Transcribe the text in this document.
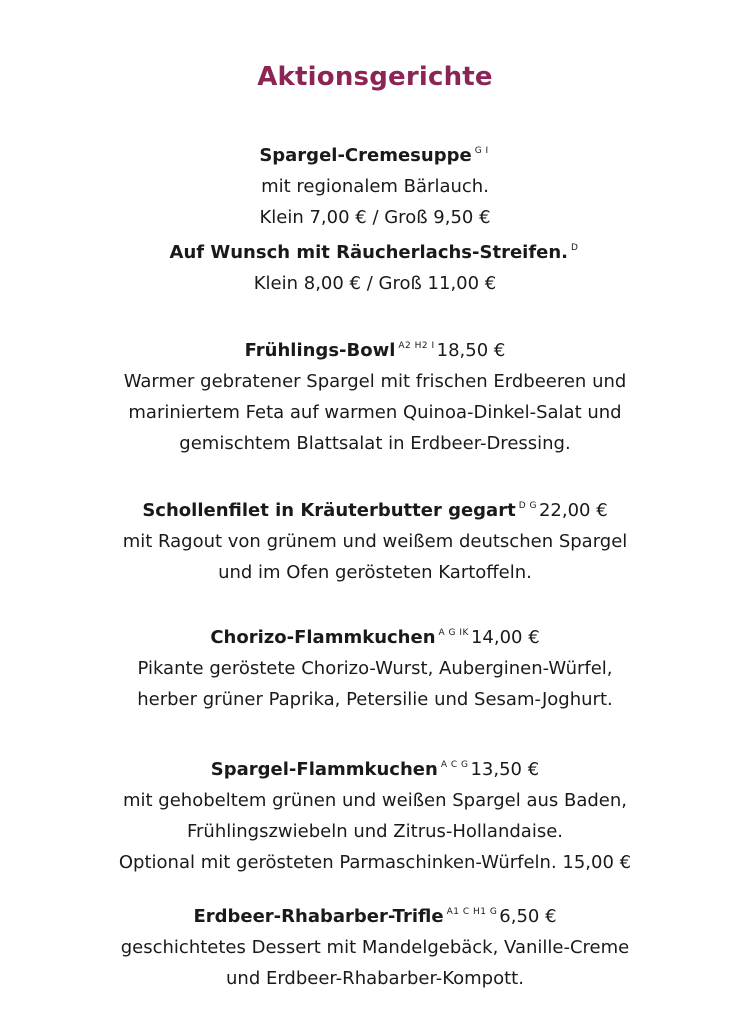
Aktionsgerichte
Spargel-Cremesuppe $^{G I}$
mit regionalem Bärlauch.
Klein 7,00 € / Groß 9,50 €
Auf Wunsch mit Räucherlachs-Streifen. $^D$
Klein 8,00 € / Groß 11,00 €
Frühlings-Bowl $^{A2 H2 I}$ 18,50 €
Warmer gebratener Spargel mit frischen Erdbeeren und
mariniertem Feta auf warmen Quinoa-Dinkel-Salat und
gemischtem Blattsalat in Erdbeer-Dressing.
Schollenfilet in Kräuterbutter gegart $^{D G}$ 22,00 €
mit Ragout von grünem und weißem deutschen Spargel
und im Ofen gerösteten Kartoffeln.
Chorizo-Flammkuchen $^{A G IK}$ 14,00 €
Pikante geröstete Chorizo-Wurst, Auberginen-Würfel,
herber grüner Paprika, Petersilie und Sesam-Joghurt.
Spargel-Flammkuchen $^{A C G}$ 13,50 €
mit gehobeltem grünen und weißen Spargel aus Baden,
Frühlingszwiebeln und Zitrus-Hollandaise.
Optional mit gerösteten Parmaschinken-Würfeln. 15,00 €
Erdbeer-Rhabarber-Trifle $^{A1 C H1 G}$ 6,50 €
geschichtetes Dessert mit Mandelgebäck, Vanille-Creme
und Erdbeer-Rhabarber-Kompott.
